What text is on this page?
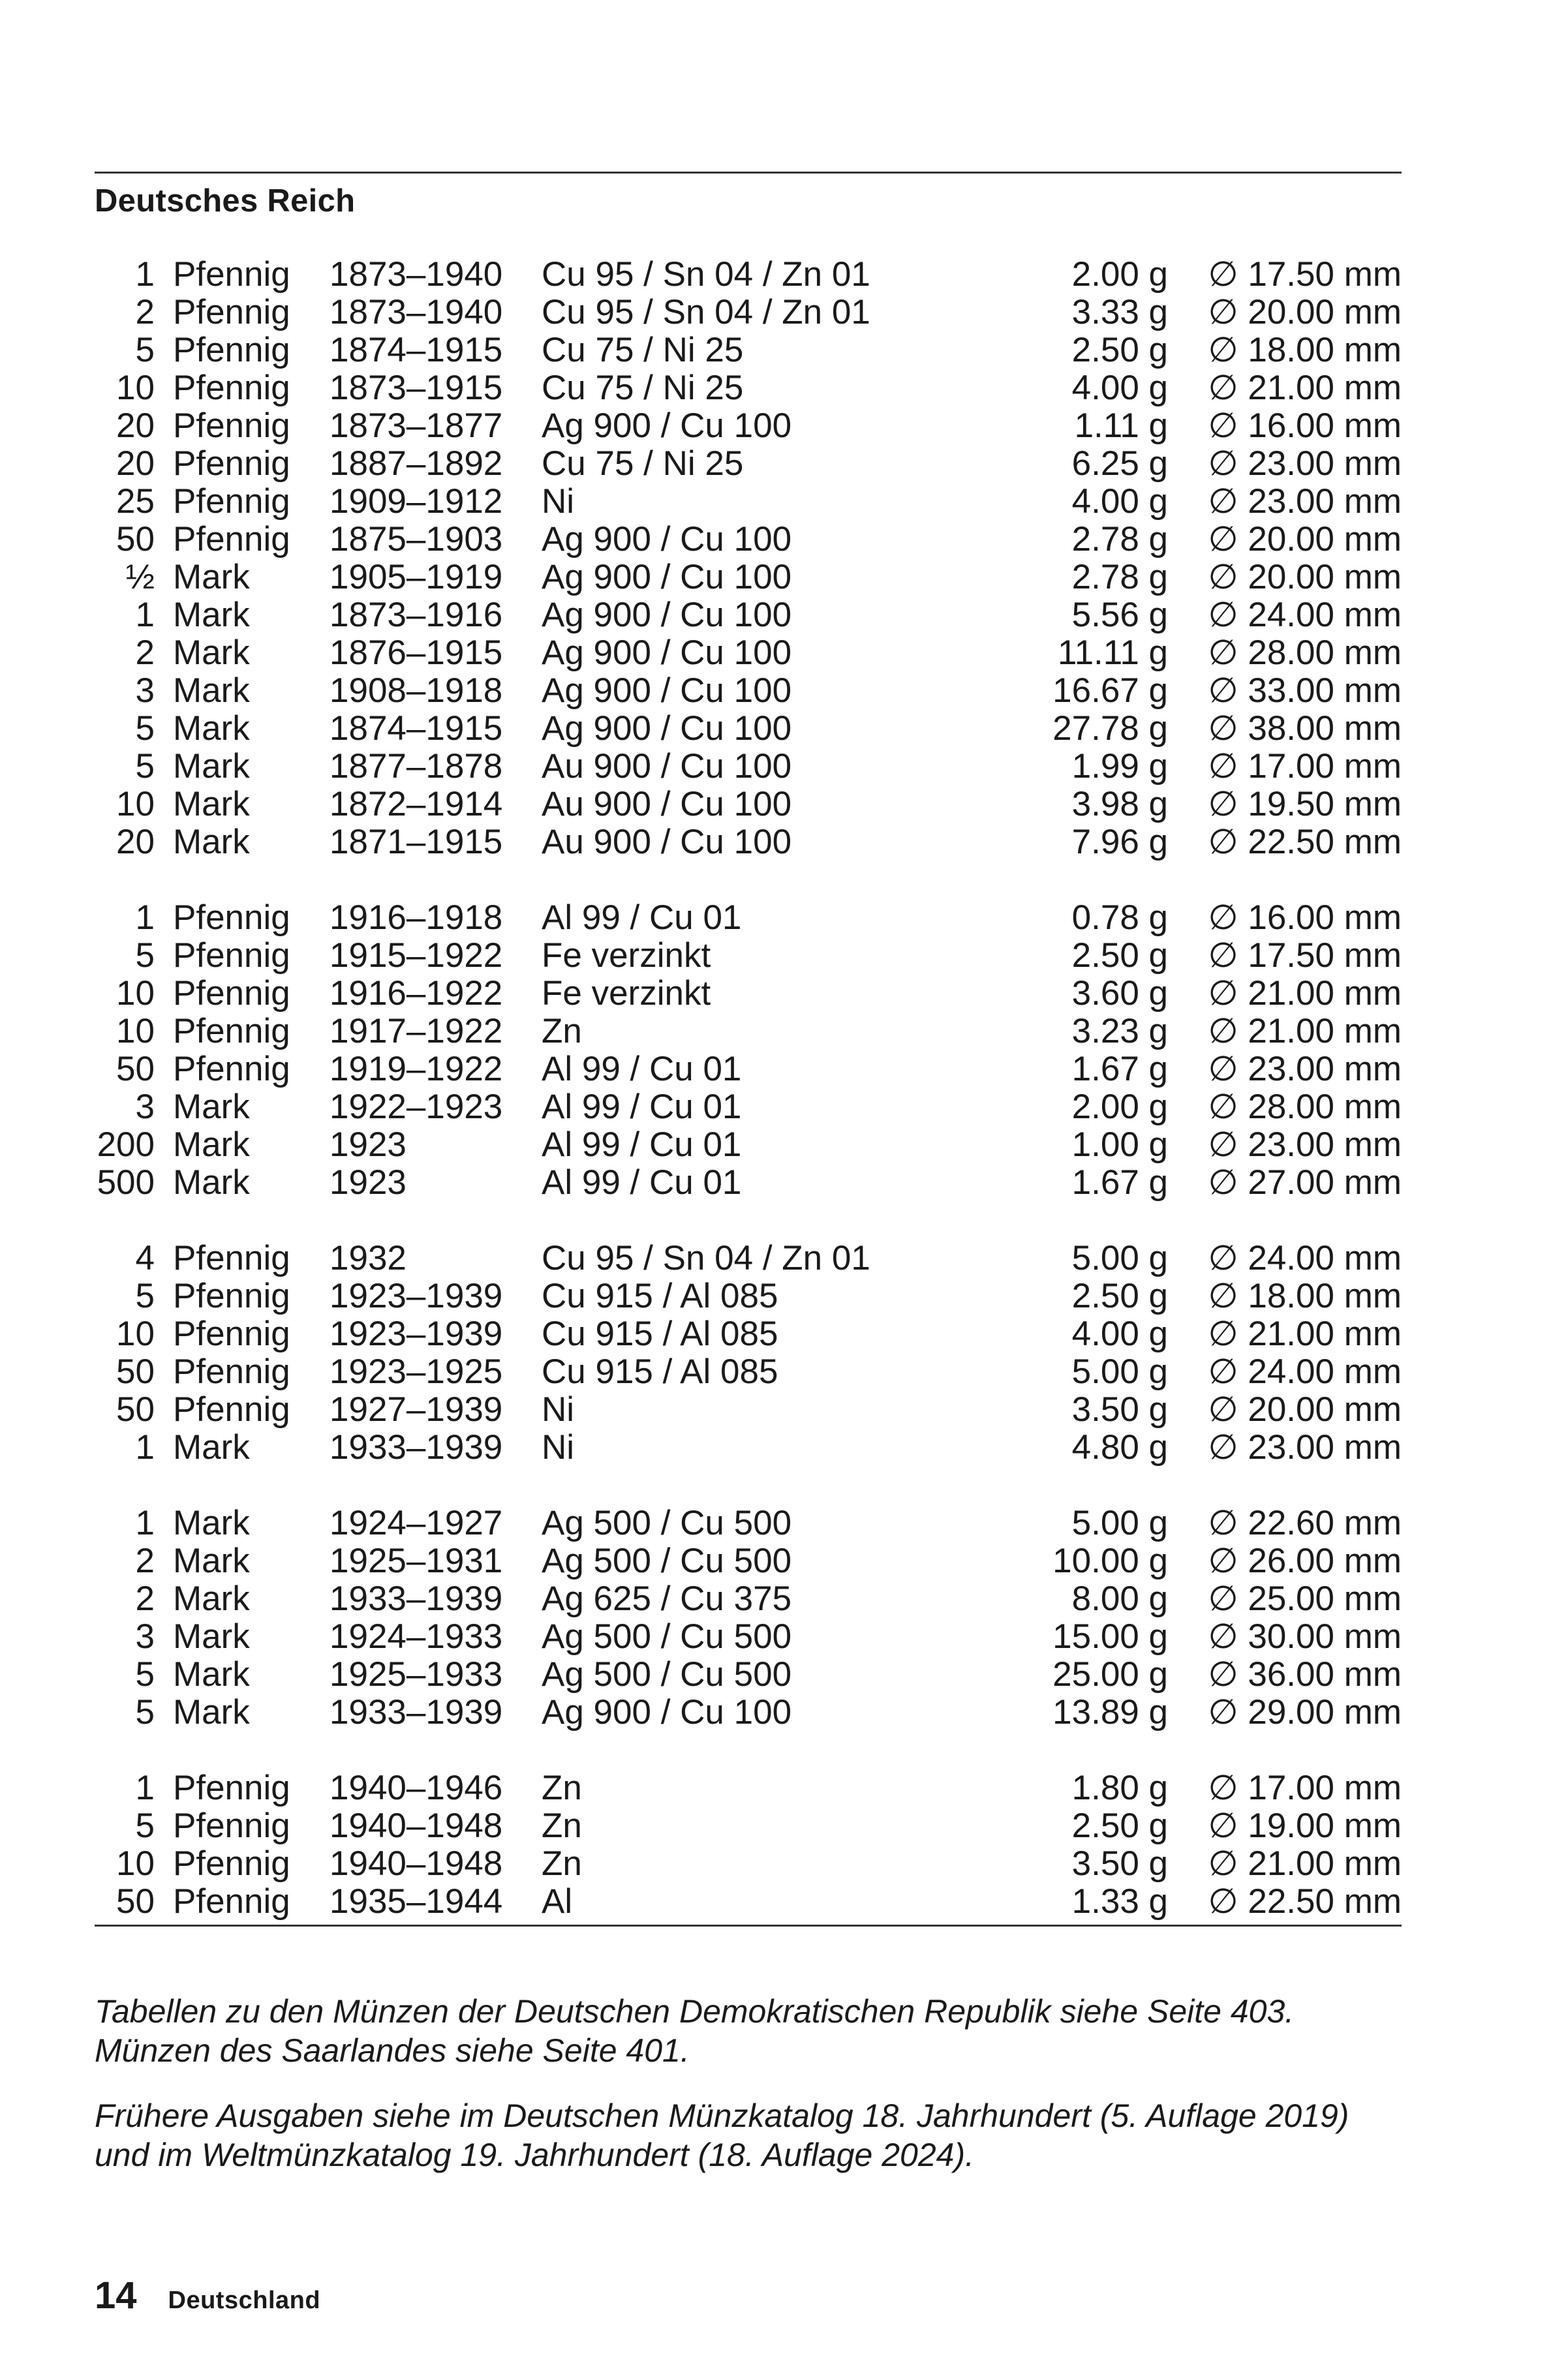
Deutsches Reich
1 Pfennig 1873–1940 Cu 95 / Sn 04 / Zn 01	2.00 g ∅ 17.50 mm
2 Pfennig 1873–1940 Cu 95 / Sn 04 / Zn 01	3.33 g ∅ 20.00 mm
5 Pfennig 1874–1915 Cu 75 / Ni 25	2.50 g ∅ 18.00 mm
10 Pfennig 1873–1915 Cu 75 / Ni 25	4.00 g ∅ 21.00 mm
20 Pfennig 1873–1877 Ag 900 / Cu 100	1.11 g ∅ 16.00 mm
20 Pfennig 1887–1892 Cu 75 / Ni 25	6.25 g ∅ 23.00 mm
25 Pfennig 1909–1912 Ni	4.00 g ∅ 23.00 mm
50 Pfennig 1875–1903 Ag 900 / Cu 100	2.78 g ∅ 20.00 mm
½ Mark 1905–1919 Ag 900 / Cu 100	2.78 g ∅ 20.00 mm
1 Mark 1873–1916 Ag 900 / Cu 100	5.56 g ∅ 24.00 mm
2 Mark 1876–1915 Ag 900 / Cu 100	11.11 g ∅ 28.00 mm
3 Mark 1908–1918 Ag 900 / Cu 100	16.67 g ∅ 33.00 mm
5 Mark 1874–1915 Ag 900 / Cu 100	27.78 g ∅ 38.00 mm
5 Mark 1877–1878 Au 900 / Cu 100	1.99 g ∅ 17.00 mm
10 Mark 1872–1914 Au 900 / Cu 100	3.98 g ∅ 19.50 mm
20 Mark 1871–1915 Au 900 / Cu 100	7.96 g ∅ 22.50 mm
1 Pfennig 1916–1918 Al 99 / Cu 01	0.78 g ∅ 16.00 mm
5 Pfennig 1915–1922 Fe verzinkt	2.50 g ∅ 17.50 mm
10 Pfennig 1916–1922 Fe verzinkt	3.60 g ∅ 21.00 mm
10 Pfennig 1917–1922 Zn	3.23 g ∅ 21.00 mm
50 Pfennig 1919–1922 Al 99 / Cu 01	1.67 g ∅ 23.00 mm
3 Mark 1922–1923 Al 99 / Cu 01	2.00 g ∅ 28.00 mm
200 Mark 1923	Al 99 / Cu 01	1.00 g ∅ 23.00 mm
500 Mark 1923	Al 99 / Cu 01	1.67 g ∅ 27.00 mm
4 Pfennig 1932	Cu 95 / Sn 04 / Zn 01	5.00 g ∅ 24.00 mm
5 Pfennig 1923–1939 Cu 915 / Al 085	2.50 g ∅ 18.00 mm
10 Pfennig 1923–1939 Cu 915 / Al 085	4.00 g ∅ 21.00 mm
50 Pfennig 1923–1925 Cu 915 / Al 085	5.00 g ∅ 24.00 mm
50 Pfennig 1927–1939 Ni	3.50 g ∅ 20.00 mm
1 Mark 1933–1939 Ni	4.80 g ∅ 23.00 mm
1 Mark 1924–1927 Ag 500 / Cu 500	5.00 g ∅ 22.60 mm
2 Mark 1925–1931 Ag 500 / Cu 500	10.00 g ∅ 26.00 mm
2 Mark 1933–1939 Ag 625 / Cu 375	8.00 g ∅ 25.00 mm
3 Mark 1924–1933 Ag 500 / Cu 500	15.00 g ∅ 30.00 mm
5 Mark 1925–1933 Ag 500 / Cu 500	25.00 g ∅ 36.00 mm
5 Mark 1933–1939 Ag 900 / Cu 100	13.89 g ∅ 29.00 mm
1 Pfennig 1940–1946 Zn	1.80 g ∅ 17.00 mm
5 Pfennig 1940–1948 Zn	2.50 g ∅ 19.00 mm
10 Pfennig 1940–1948 Zn	3.50 g ∅ 21.00 mm
50 Pfennig 1935–1944 Al	1.33 g ∅ 22.50 mm

Tabellen zu den Münzen der Deutschen Demokratischen Republik siehe Seite 403. Münzen des Saarlandes siehe Seite 401.

Frühere Ausgaben siehe im Deutschen Münzkatalog 18. Jahrhundert (5. Auflage 2019) und im Weltmünzkatalog 19. Jahrhundert (18. Auflage 2024).

14 Deutschland
